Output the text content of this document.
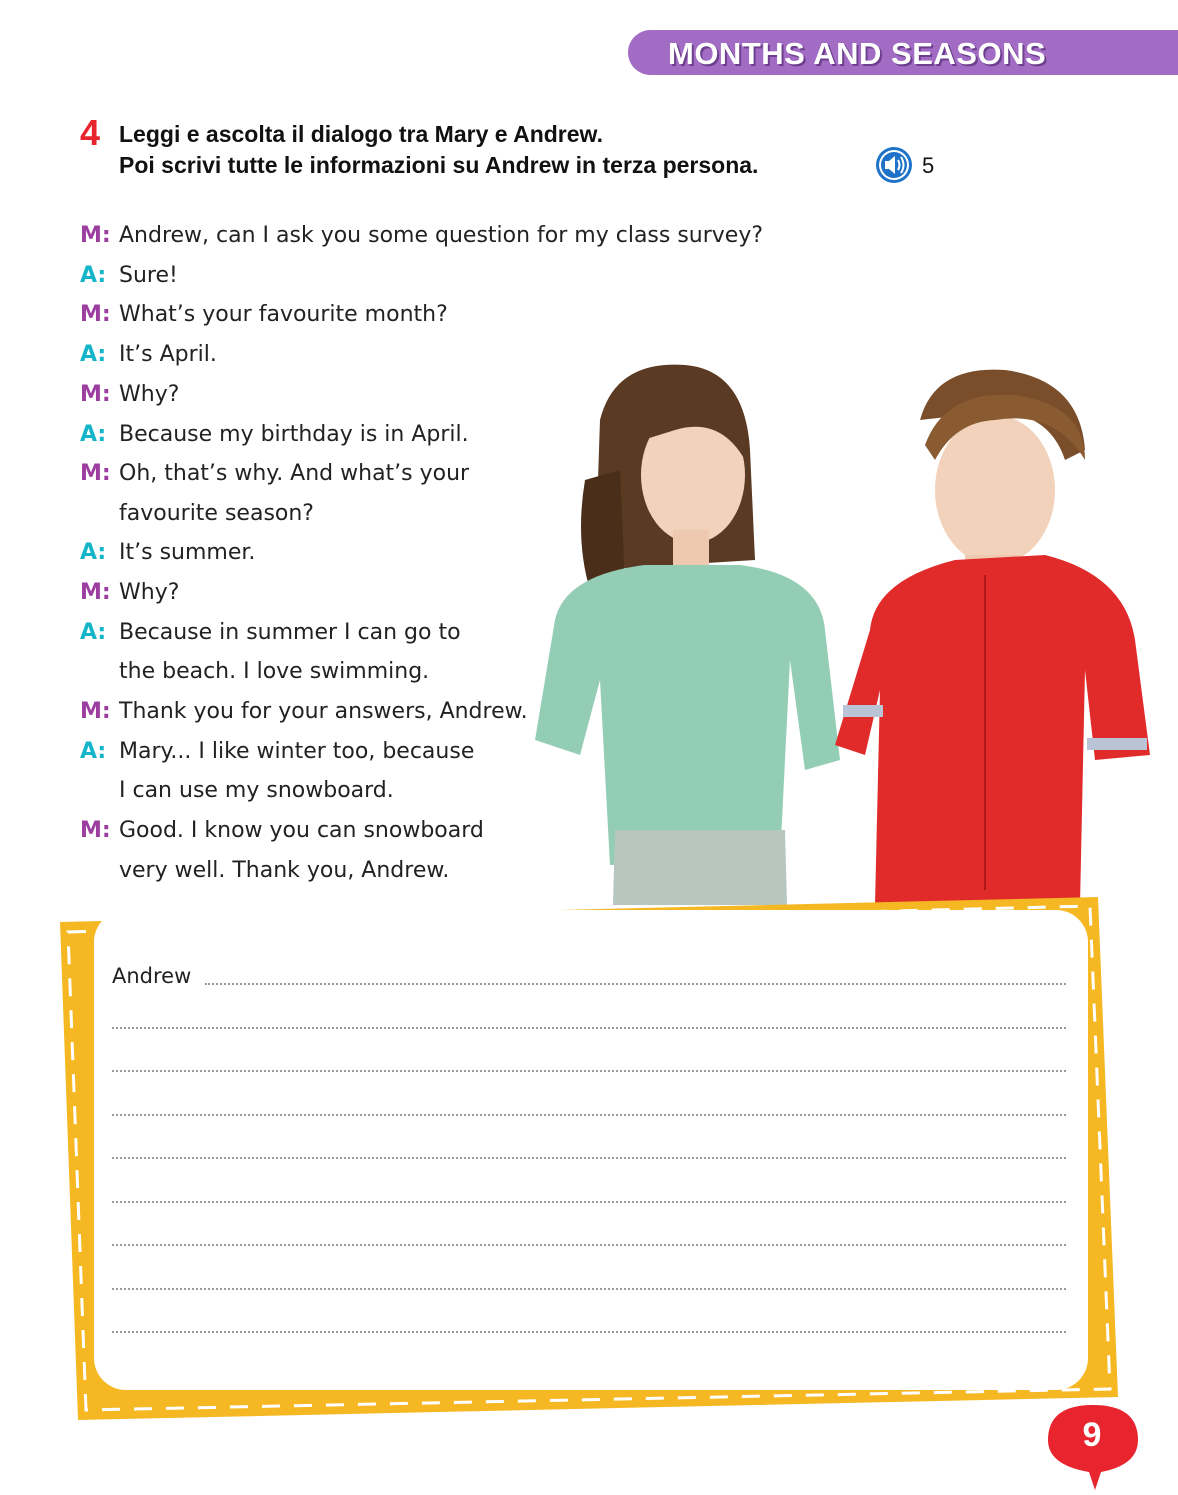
MONTHS AND SEASONS
4 Leggi e ascolta il dialogo tra Mary e Andrew.
Poi scrivi tutte le informazioni su Andrew in terza persona.	5
M: Andrew, can I ask you some question for my class survey?
A: Sure!
M: What’s your favourite month?
A: It’s April.
M: Why?
A: Because my birthday is in April.
M: Oh, that’s why. And what’s your
favourite season?
A: It’s summer.
M: Why?
A: Because in summer I can go to
the beach. I love swimming.
M: Thank you for your answers, Andrew.
A: Mary... I like winter too, because
I can use my snowboard.
M: Good. I know you can snowboard
very well. Thank you, Andrew.
Andrew
9
